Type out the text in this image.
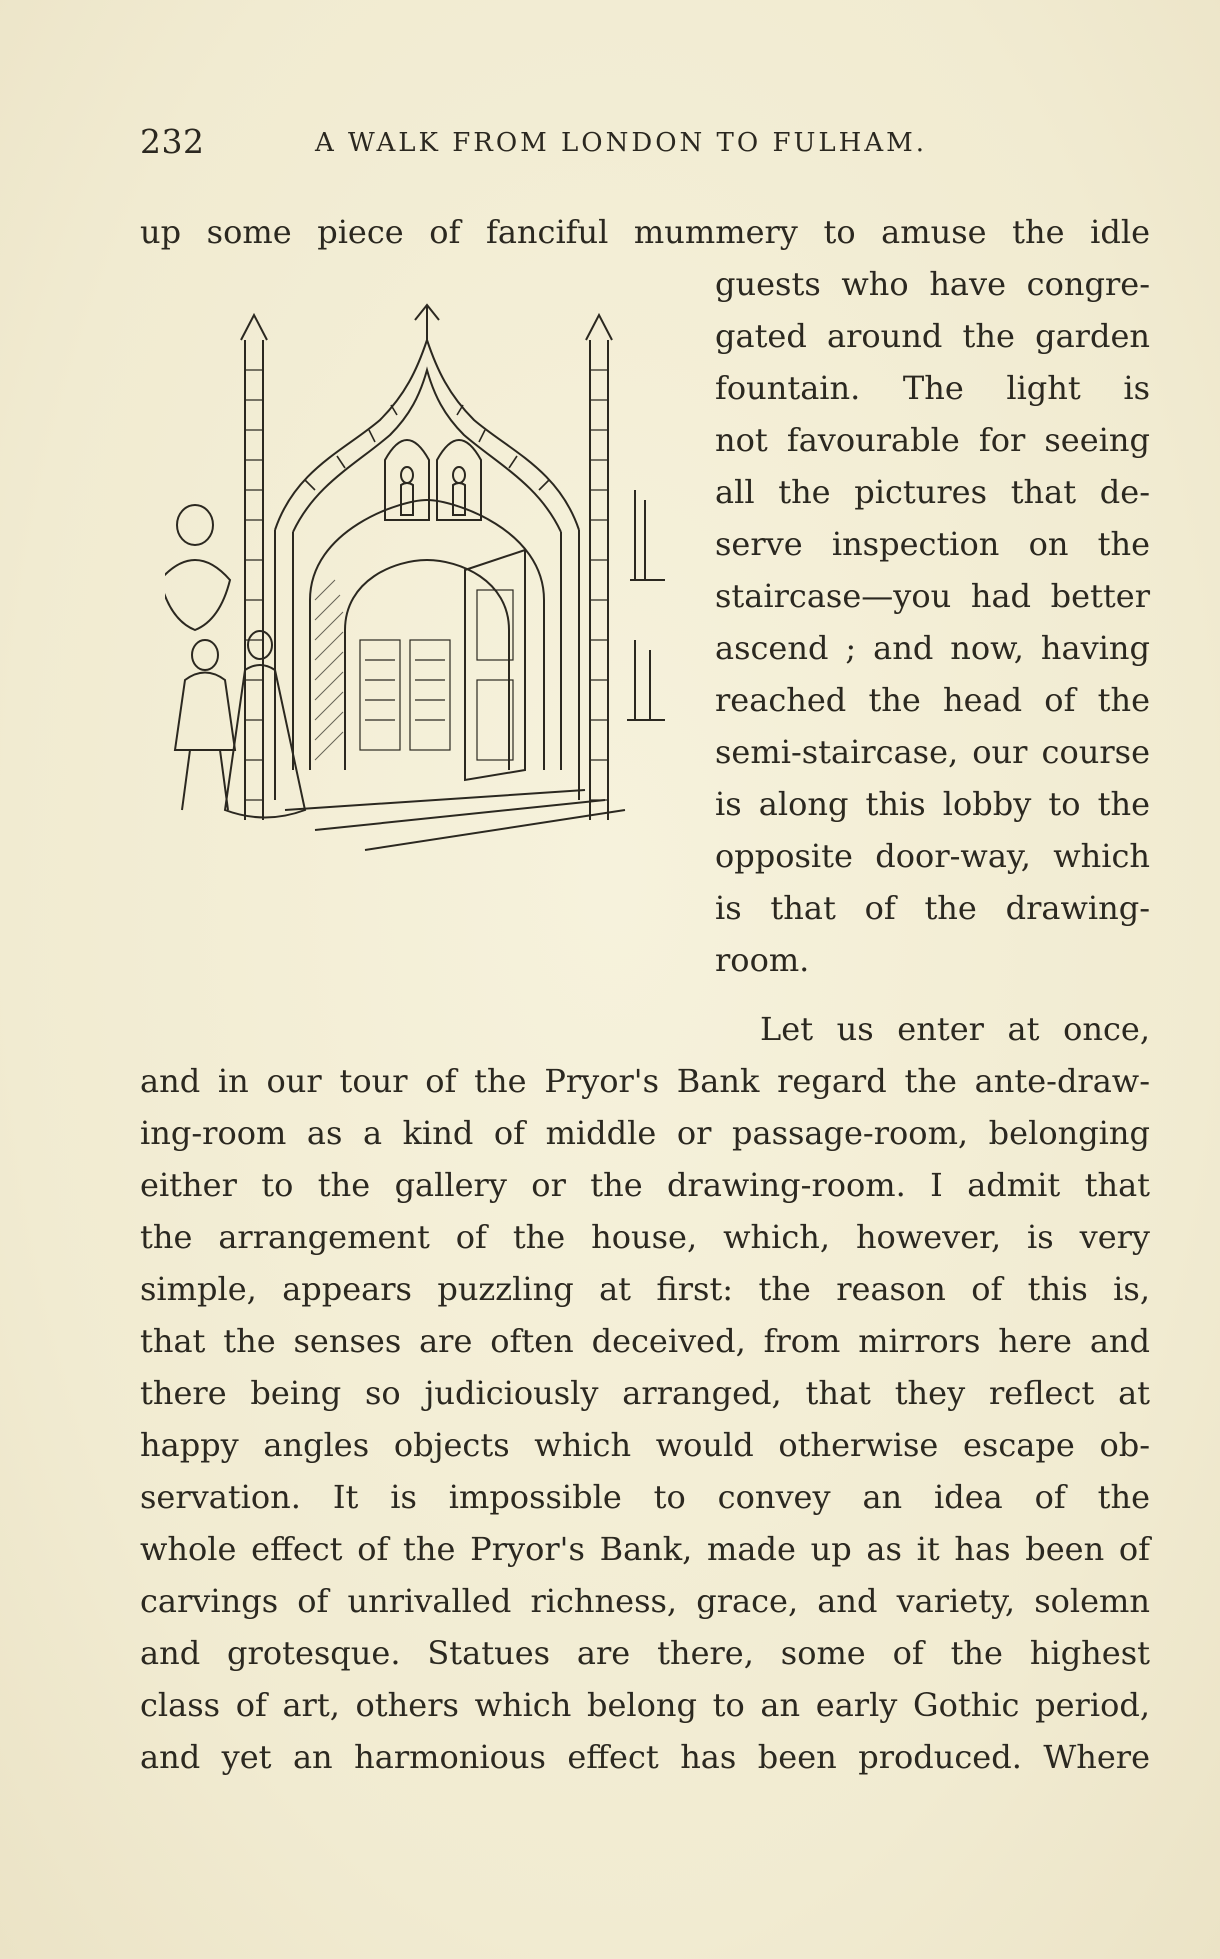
232	A WALK FROM LONDON TO FULHAM.
up some piece of fanciful mummery to amuse the idle
guests who have congre-
gated around the garden
fountain. The light is
not favourable for seeing
all the pictures that de-
serve inspection on the
staircase—you had better
ascend ; and now, having
reached the head of the
semi-staircase, our course
is along this lobby to the
opposite door-way, which
is that of the drawing-
room.
Let us enter at once,
and in our tour of the Pryor's Bank regard the ante-draw-
ing-room as a kind of middle or passage-room, belonging
either to the gallery or the drawing-room. I admit that
the arrangement of the house, which, however, is very
simple, appears puzzling at first: the reason of this is,
that the senses are often deceived, from mirrors here and
there being so judiciously arranged, that they reflect at
happy angles objects which would otherwise escape ob-
servation. It is impossible to convey an idea of the
whole effect of the Pryor's Bank, made up as it has been of
carvings of unrivalled richness, grace, and variety, solemn
and grotesque. Statues are there, some of the highest
class of art, others which belong to an early Gothic period,
and yet an harmonious effect has been produced. Where
